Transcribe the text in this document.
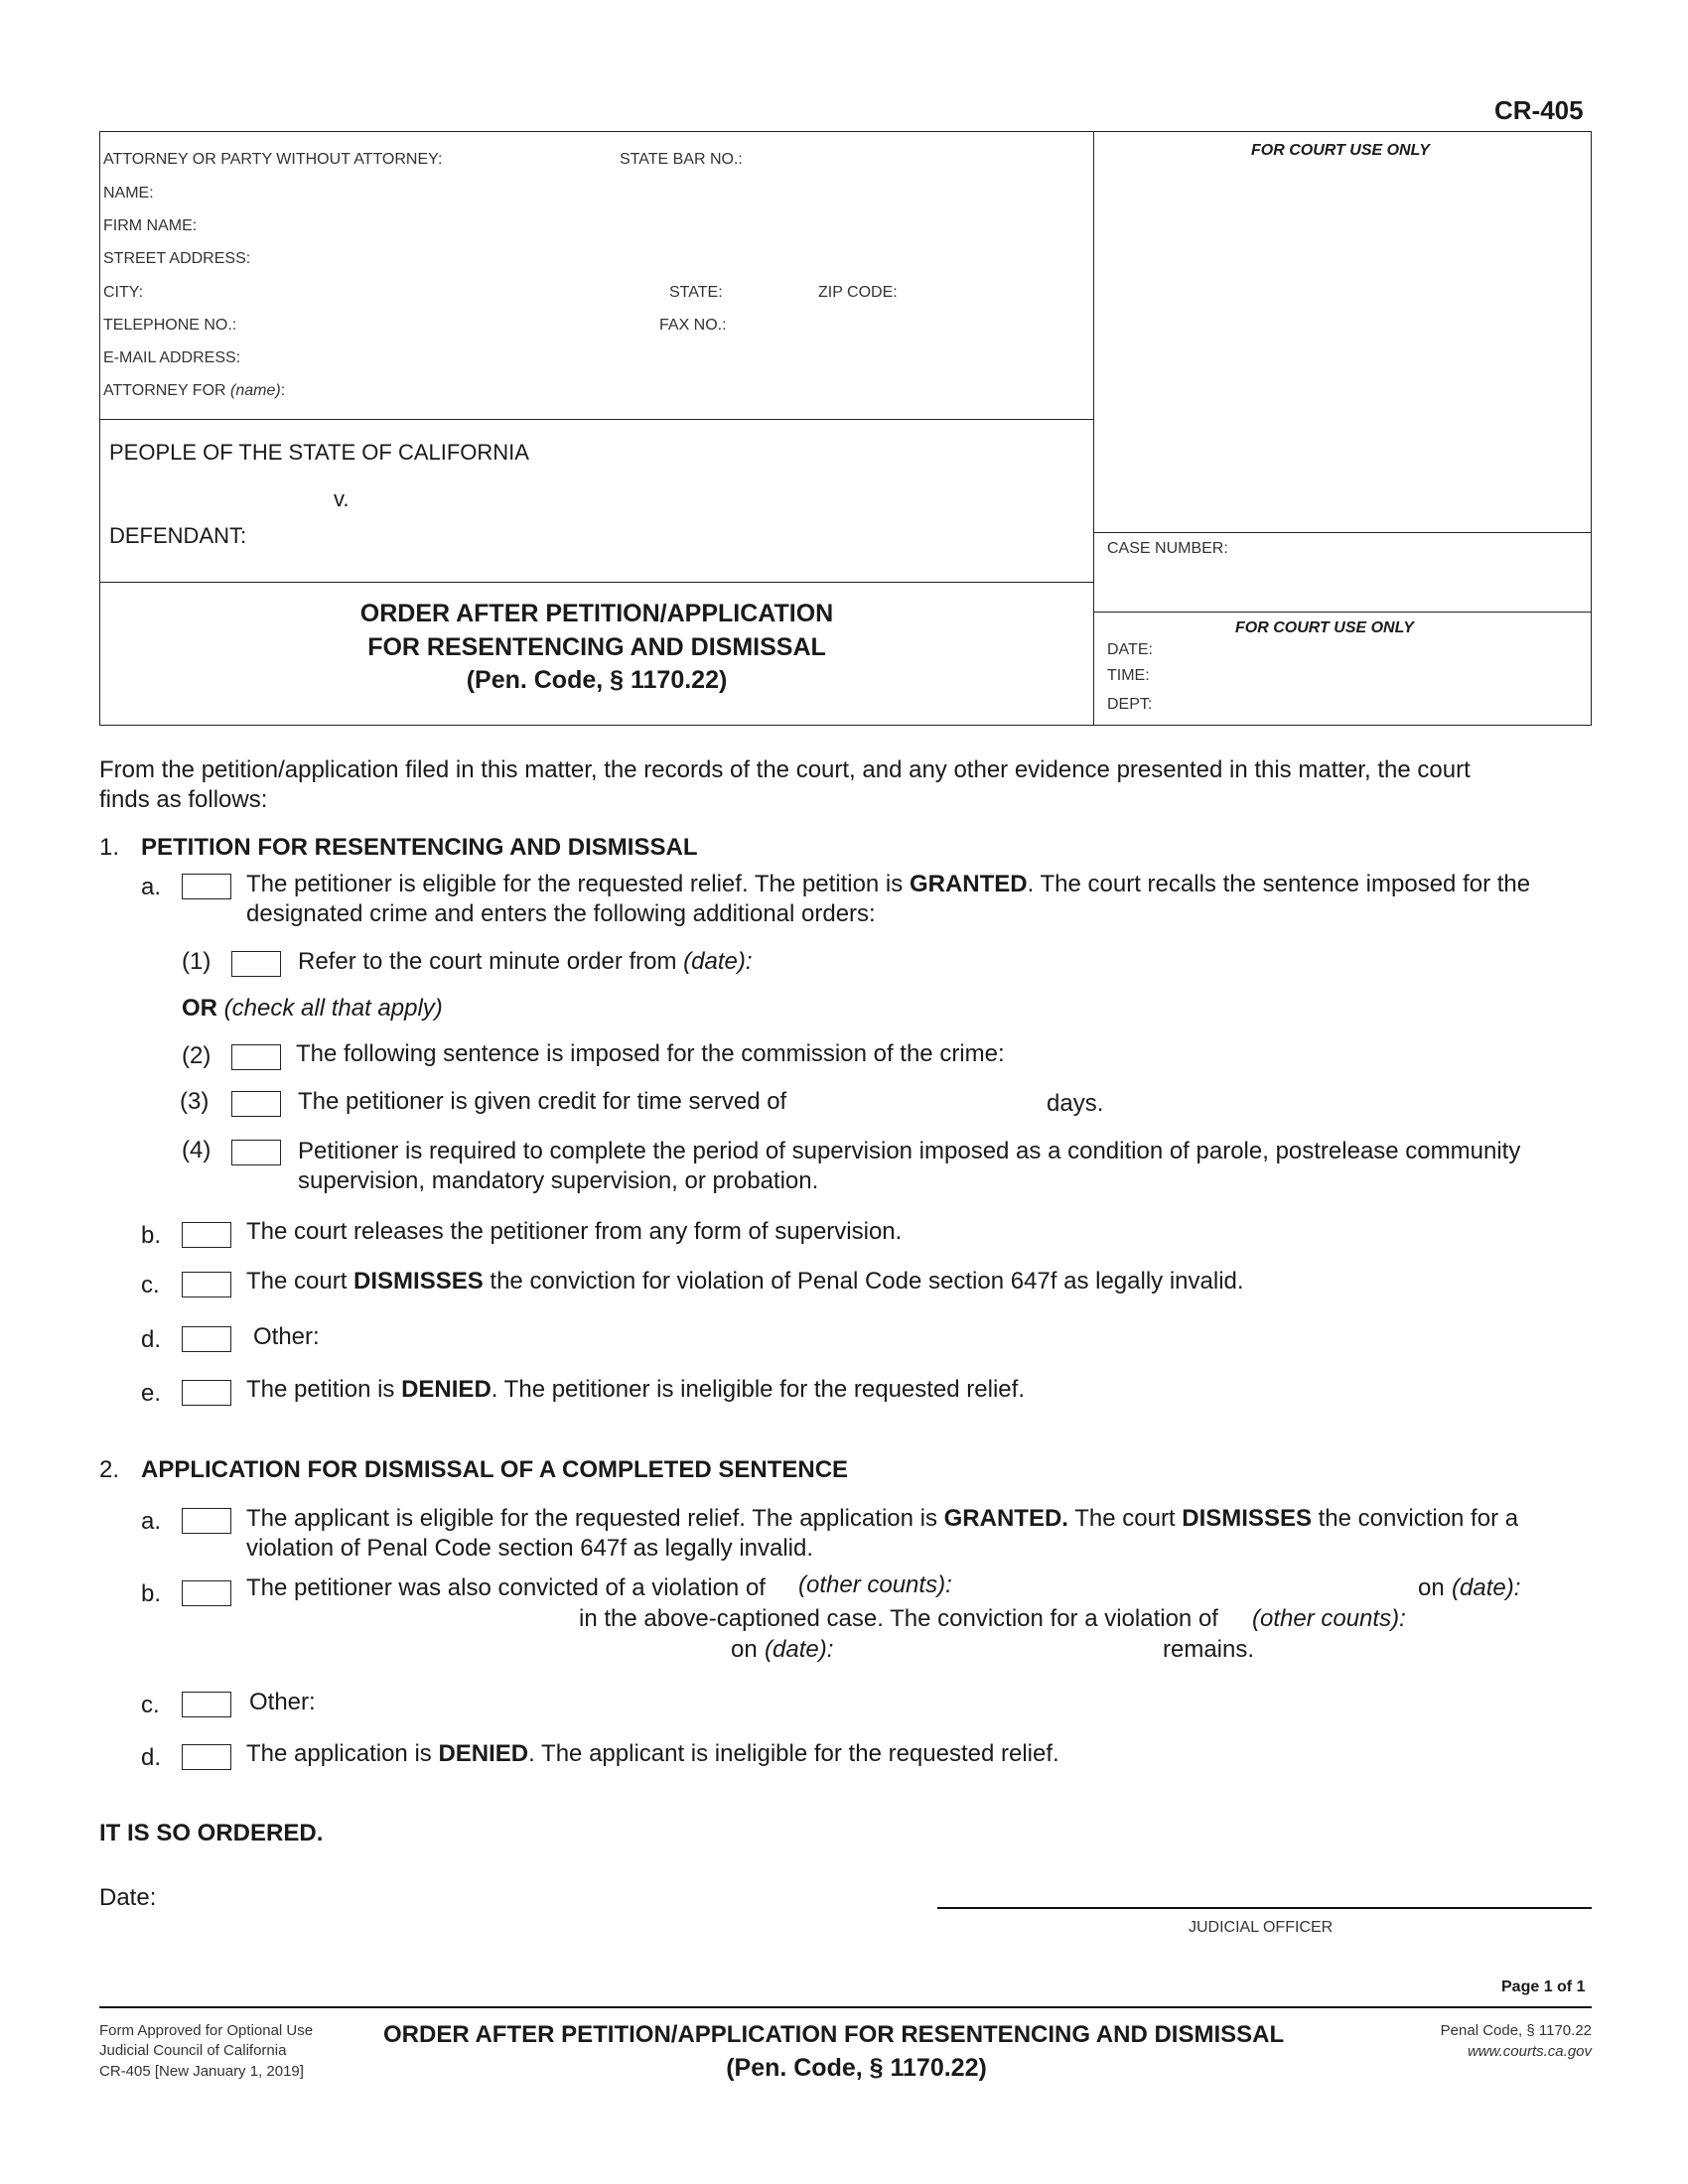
CR-405
ATTORNEY OR PARTY WITHOUT ATTORNEY:	STATE BAR NO.:
NAME:
FIRM NAME:
STREET ADDRESS:
CITY:	STATE:	ZIP CODE:
TELEPHONE NO.:	FAX NO.:
E-MAIL ADDRESS:
ATTORNEY FOR (name):
FOR COURT USE ONLY
PEOPLE OF THE STATE OF CALIFORNIA
v.
DEFENDANT:
CASE NUMBER:
FOR COURT USE ONLY
DATE:
TIME:
DEPT:
ORDER AFTER PETITION/APPLICATION
FOR RESENTENCING AND DISMISSAL
(Pen. Code, § 1170.22)
From the petition/application filed in this matter, the records of the court, and any other evidence presented in this matter, the court
finds as follows:
1. PETITION FOR RESENTENCING AND DISMISSAL
a.	The petitioner is eligible for the requested relief. The petition is GRANTED. The court recalls the sentence imposed for the
designated crime and enters the following additional orders:
(1)	Refer to the court minute order from (date):
OR (check all that apply)
(2)	The following sentence is imposed for the commission of the crime:
(3)	The petitioner is given credit for time served of	days.
(4)	Petitioner is required to complete the period of supervision imposed as a condition of parole, postrelease community
supervision, mandatory supervision, or probation.
b.	The court releases the petitioner from any form of supervision.
c.	The court DISMISSES the conviction for violation of Penal Code section 647f as legally invalid.
d.	Other:
e.	The petition is DENIED. The petitioner is ineligible for the requested relief.
2. APPLICATION FOR DISMISSAL OF A COMPLETED SENTENCE
a.	The applicant is eligible for the requested relief. The application is GRANTED. The court DISMISSES the conviction for a
violation of Penal Code section 647f as legally invalid.
b.	The petitioner was also convicted of a violation of (other counts):	on (date):
in the above-captioned case. The conviction for a violation of (other counts):
on (date):	remains.
c.	Other:
d.	The application is DENIED. The applicant is ineligible for the requested relief.
IT IS SO ORDERED.
Date:
JUDICIAL OFFICER
Page 1 of 1
Form Approved for Optional Use
Judicial Council of California
CR-405 [New January 1, 2019]
ORDER AFTER PETITION/APPLICATION FOR RESENTENCING AND DISMISSAL
(Pen. Code, § 1170.22)
Penal Code, § 1170.22
www.courts.ca.gov
